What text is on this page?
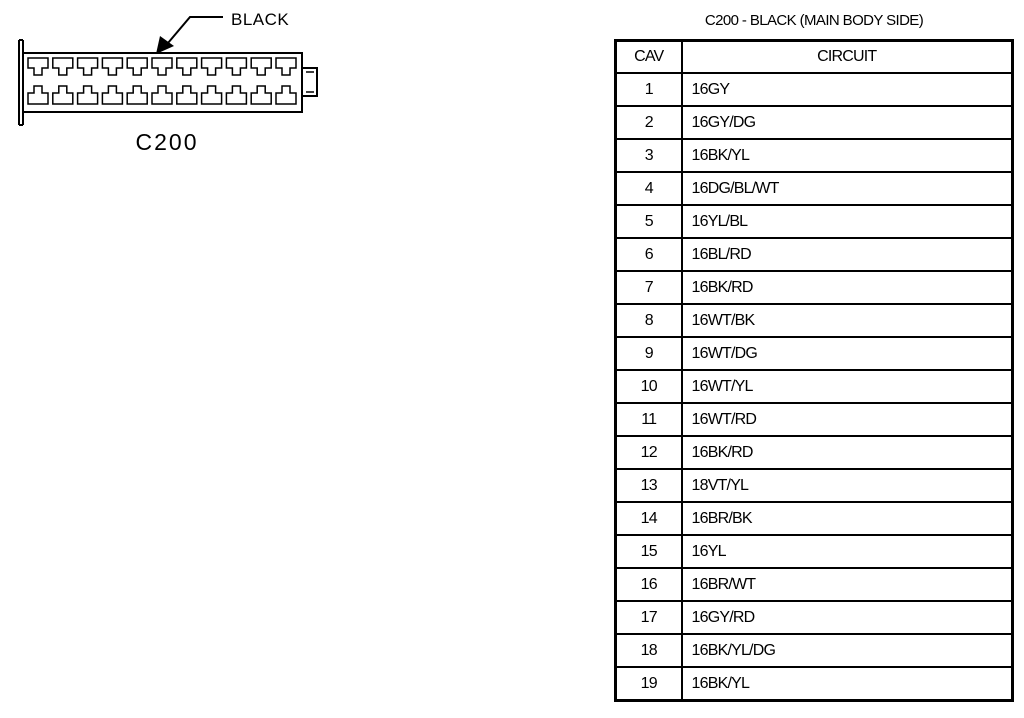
BLACK
C200
C200 - BLACK (MAIN BODY SIDE)
CAV	CIRCUIT
1	16GY
2	16GY/DG
3	16BK/YL
4	16DG/BL/WT
5	16YL/BL
6	16BL/RD
7	16BK/RD
8	16WT/BK
9	16WT/DG
10	16WT/YL
11	16WT/RD
12	16BK/RD
13	18VT/YL
14	16BR/BK
15	16YL
16	16BR/WT
17	16GY/RD
18	16BK/YL/DG
19	16BK/YL
